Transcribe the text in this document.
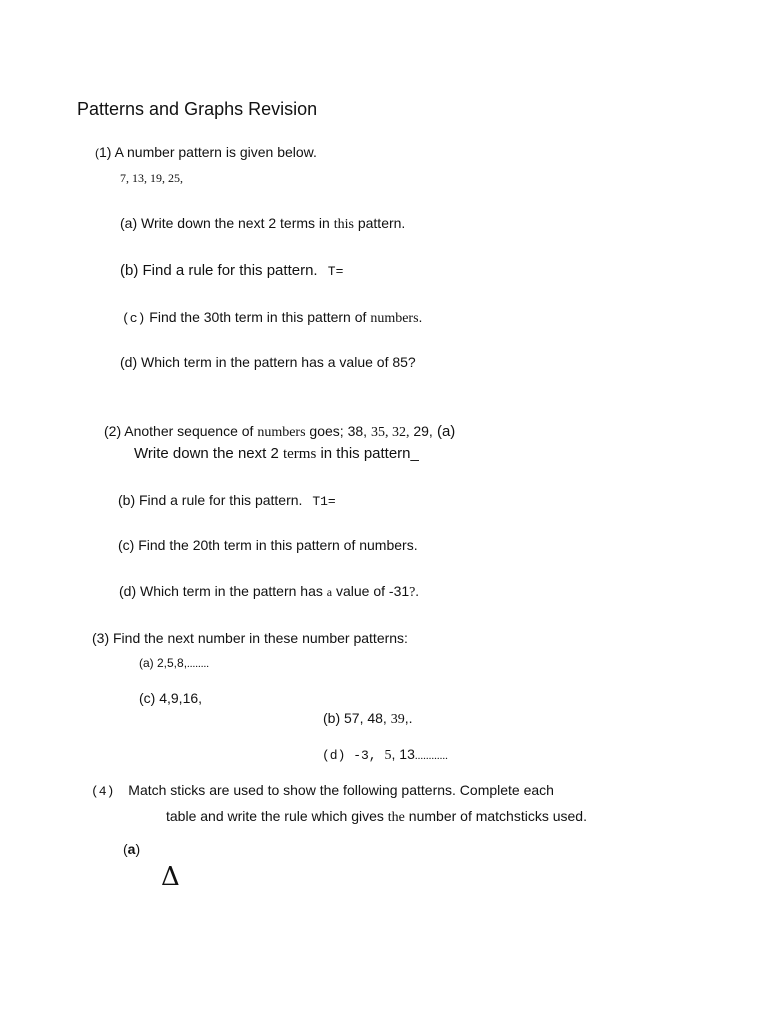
Patterns and Graphs Revision
(1) A number pattern is given below.
7, 13, 19, 25,
(a) Write down the next 2 terms in this pattern.
(b) Find a rule for this pattern. T=
(c) Find the 30th term in this pattern of numbers.
(d) Which term in the pattern has a value of 85?
(2) Another sequence of numbers goes; 38, 35, 32, 29, (a)
Write down the next 2 terms in this pattern_
(b) Find a rule for this pattern. T1=
(c) Find the 20th term in this pattern of numbers.
(d) Which term in the pattern has a value of -31?.
(3) Find the next number in these number patterns:
(a) 2,5,8,........
(c) 4,9,16,
(b) 57, 48, 39,.
(d) -3, 5, 13............
(4) Match sticks are used to show the following patterns. Complete each
table and write the rule which gives the number of matchsticks used.
(a)
Δ
